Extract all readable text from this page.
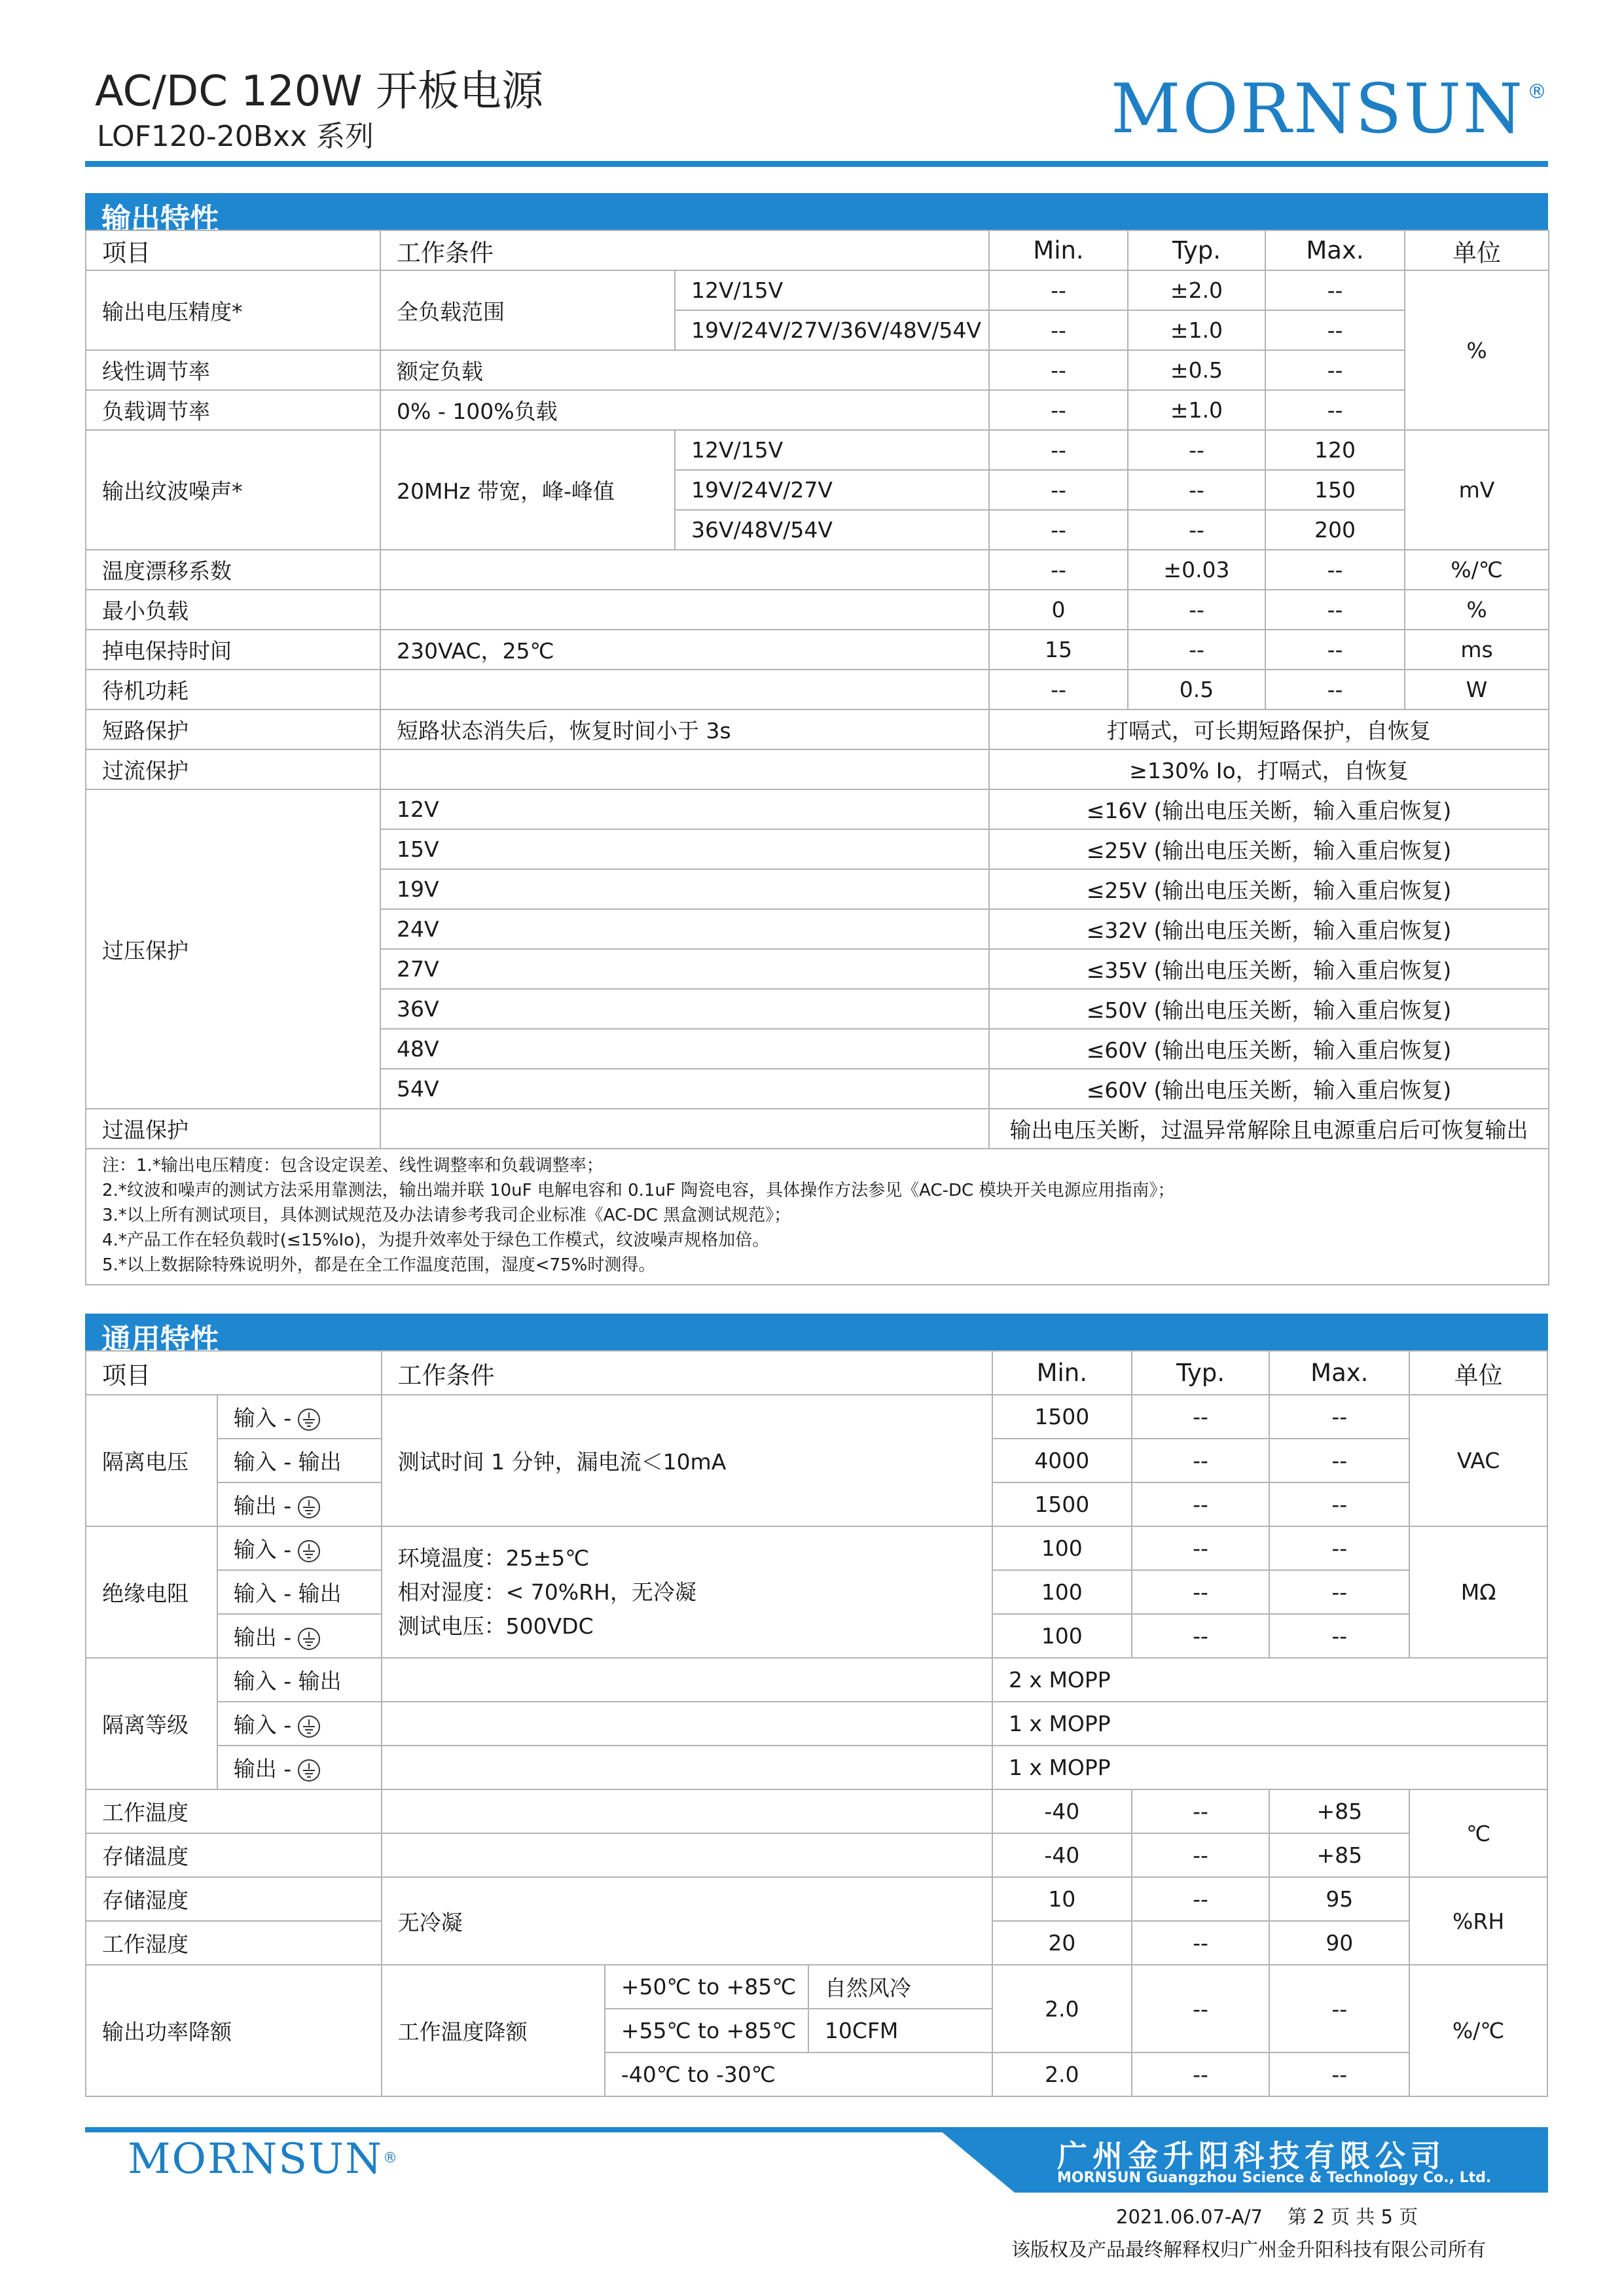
AC/DC 120W 开板电源
LOF120-20Bxx 系列	MORNSUN ®
输出特性
项目	工作条件		Min.	Typ.	Max.	单位
输出电压精度*	全负载范围	12V/15V	--	±2.0	--	%
		19V/24V/27V/36V/48V/54V	--	±1.0	--	
线性调节率	额定负载		--	±0.5	--	
负载调节率	0% - 100%负载		--	±1.0	--	
输出纹波噪声*	20MHz 带宽，峰-峰值	12V/15V	--	--	120	mV
		19V/24V/27V	--	--	150	
		36V/48V/54V	--	--	200	
温度漂移系数			--	±0.03	--	%/℃
最小负载			0	--	--	%
掉电保持时间	230VAC，25℃		15	--	--	ms
待机功耗			--	0.5	--	W
短路保护	短路状态消失后，恢复时间小于 3s		打嗝式，可长期短路保护，自恢复			
过流保护			≥130% Io，打嗝式，自恢复			
过压保护	12V		≤16V (输出电压关断，输入重启恢复)			
	15V		≤25V (输出电压关断，输入重启恢复)			
	19V		≤25V (输出电压关断，输入重启恢复)			
	24V		≤32V (输出电压关断，输入重启恢复)			
	27V		≤35V (输出电压关断，输入重启恢复)			
	36V		≤50V (输出电压关断，输入重启恢复)			
	48V		≤60V (输出电压关断，输入重启恢复)			
	54V		≤60V (输出电压关断，输入重启恢复)			
过温保护			输出电压关断，过温异常解除且电源重启后可恢复输出			

注：1.*输出电压精度：包含设定误差、线性调整率和负载调整率；
2.*纹波和噪声的测试方法采用靠测法，输出端并联 10uF 电解电容和 0.1uF 陶瓷电容，具体操作方法参见《AC-DC 模块开关电源应用指南》；
3.*以上所有测试项目，具体测试规范及办法请参考我司企业标准《AC-DC 黑盒测试规范》；
4.*产品工作在轻负载时(≤15%Io)，为提升效率处于绿色工作模式，纹波噪声规格加倍。
5.*以上数据除特殊说明外，都是在全工作温度范围，湿度<75%时测得。						
通用特性
项目		工作条件			Min.	Typ.	Max.	单位
隔离电压	输入 -	测试时间 1 分钟，漏电流＜10mA			1500	--	--	VAC
	输入 - 输出				4000	--	--	
	输出 -				1500	--	--	
绝缘电阻	输入 -	环境温度：25±5℃
相对湿度：< 70%RH，无冷凝
测试电压：500VDC			100	--	--	MΩ
	输入 - 输出				100	--	--	
	输出 -				100	--	--	
隔离等级	输入 - 输出				2 x MOPP			
	输入 -				1 x MOPP			
	输出 -				1 x MOPP			
工作温度					-40	--	+85	℃
存储温度					-40	--	+85	
存储湿度		无冷凝			10	--	95	%RH
工作湿度					20	--	90	
输出功率降额		工作温度降额	+50℃ to +85℃	自然风冷	2.0	--	--	%/℃
			+55℃ to +85℃	10CFM				
			-40℃ to -30℃		2.0	--	--	
MORNSUN®	广州金升阳科技有限公司
MORNSUN Guangzhou Science & Technology Co., Ltd.
2021.06.07-A/7　 第 2 页 共 5 页
该版权及产品最终解释权归广州金升阳科技有限公司所有
